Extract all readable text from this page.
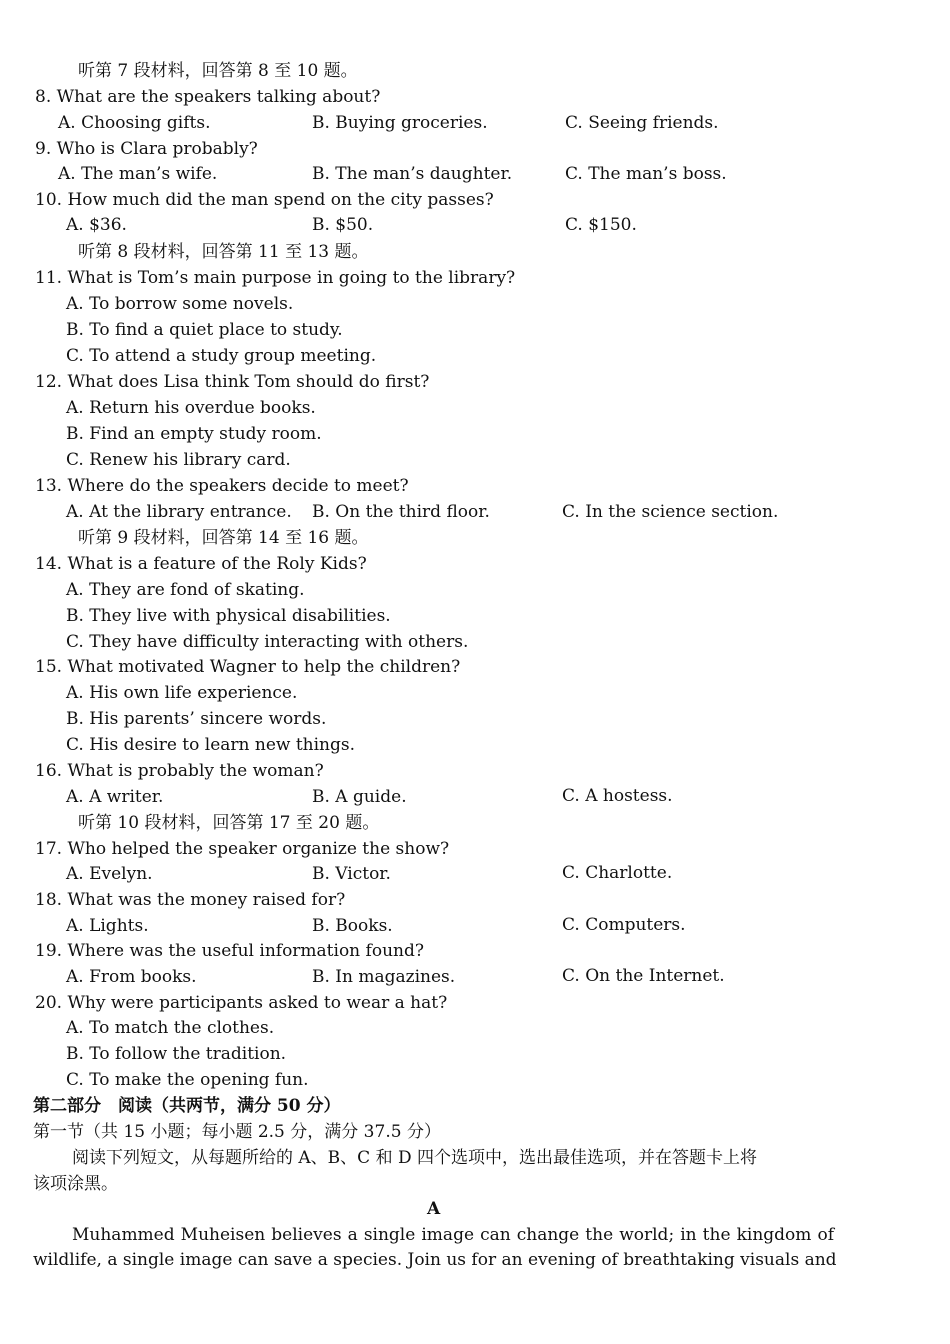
听第 7 段材料，回答第 8 至 10 题。
8. What are the speakers talking about?
A. Choosing gifts.	B. Buying groceries.	C. Seeing friends.
9. Who is Clara probably?
A. The man’s wife.	B. The man’s daughter.	C. The man’s boss.
10. How much did the man spend on the city passes?
A. $36.	B. $50.	C. $150.
听第 8 段材料，回答第 11 至 13 题。
11. What is Tom’s main purpose in going to the library?
A. To borrow some novels.
B. To find a quiet place to study.
C. To attend a study group meeting.
12. What does Lisa think Tom should do first?
A. Return his overdue books.
B. Find an empty study room.
C. Renew his library card.
13. Where do the speakers decide to meet?
A. At the library entrance. B. On the third floor.	C. In the science section.
听第 9 段材料，回答第 14 至 16 题。
14. What is a feature of the Roly Kids?
A. They are fond of skating.
B. They live with physical disabilities.
C. They have difficulty interacting with others.
15. What motivated Wagner to help the children?
A. His own life experience.
B. His parents’ sincere words.
C. His desire to learn new things.
16. What is probably the woman?
A. A writer.	B. A guide.	C. A hostess.
听第 10 段材料，回答第 17 至 20 题。
17. Who helped the speaker organize the show?
A. Evelyn.	B. Victor.	C. Charlotte.
18. What was the money raised for?
A. Lights.	B. Books.	C. Computers.
19. Where was the useful information found?
A. From books.	B. In magazines.	C. On the Internet.
20. Why were participants asked to wear a hat?
A. To match the clothes.
B. To follow the tradition.
C. To make the opening fun.
第二部分　阅读（共两节，满分 50 分）
第一节（共 15 小题；每小题 2.5 分，满分 37.5 分）
阅读下列短文，从每题所给的 A、B、C 和 D 四个选项中，选出最佳选项，并在答题卡上将
该项涂黑。
A
Muhammed Muheisen believes a single image can change the world; in the kingdom of
wildlife, a single image can save a species. Join us for an evening of breathtaking visuals and
